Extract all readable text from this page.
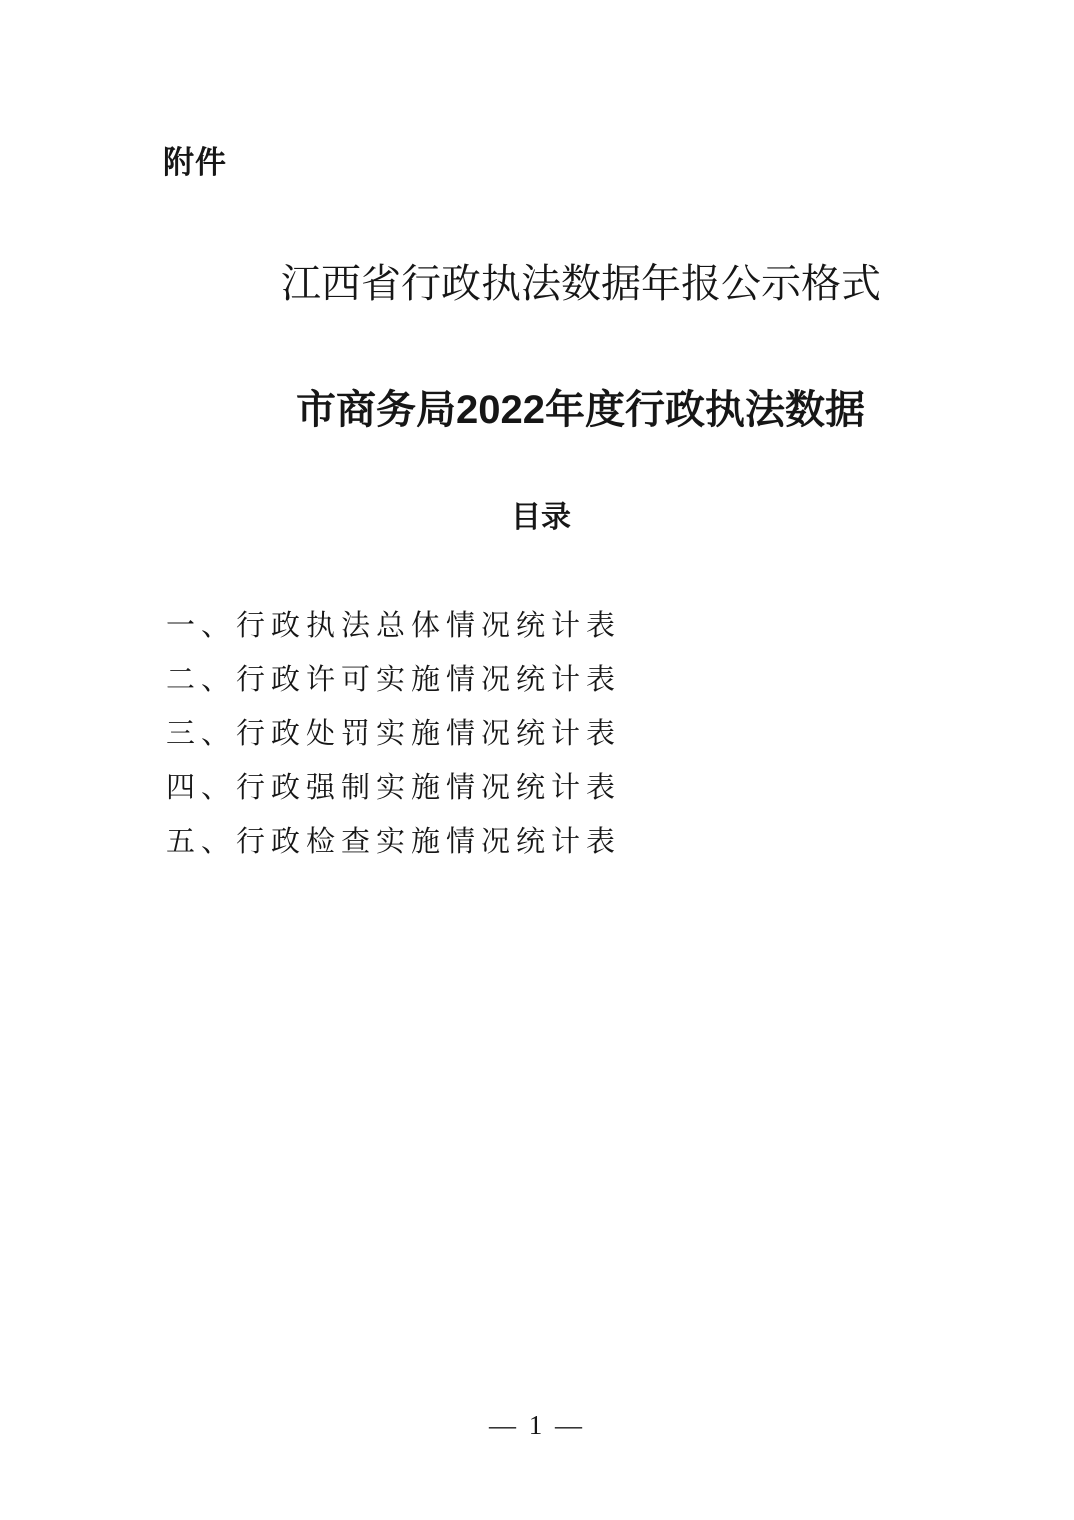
附件
江西省行政执法数据年报公示格式
市商务局2022年度行政执法数据
目录
一、行政执法总体情况统计表
二、行政许可实施情况统计表
三、行政处罚实施情况统计表
四、行政强制实施情况统计表
五、行政检查实施情况统计表
— 1 —
